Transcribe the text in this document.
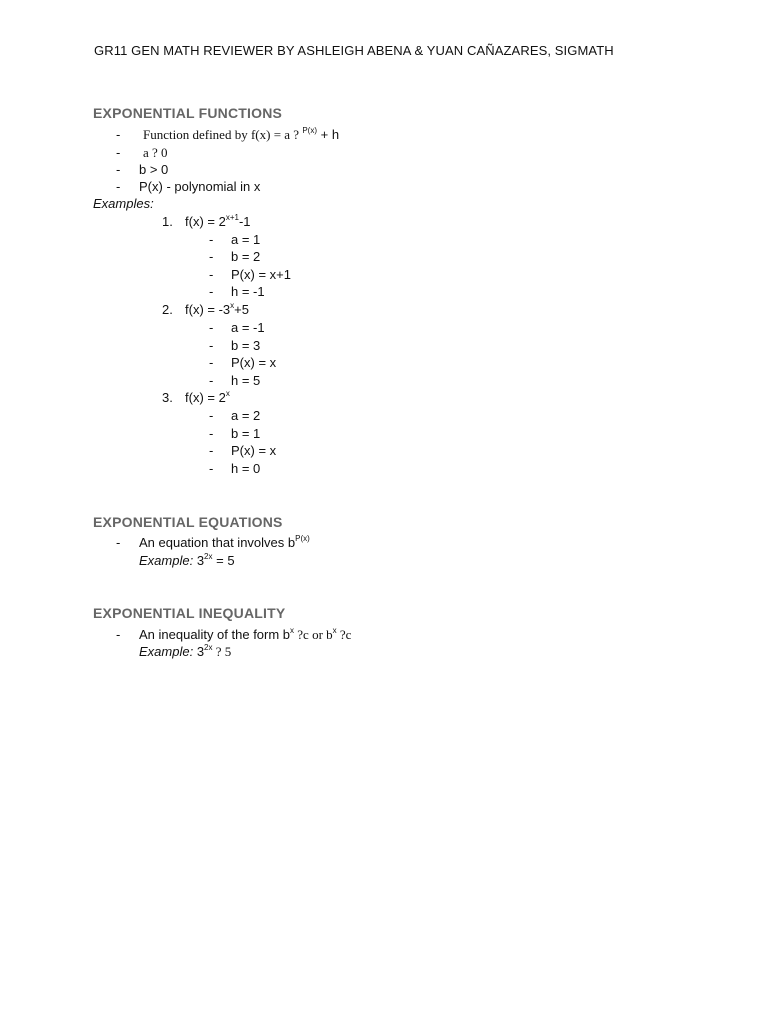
GR11 GEN MATH REVIEWER BY ASHLEIGH ABENA & YUAN CAÑAZARES, SIGMATH
EXPONENTIAL FUNCTIONS
- Function defined by f(x) = a ? $^{P(x)}$ + h
- a ? 0
- b > 0
- P(x) - polynomial in x
Examples:
1. $f(x) = 2^{x+1}-1$
- a = 1
- b = 2
- P(x) = x+1
- h = -1
2. $f(x) = -3^x+5$
- a = -1
- b = 3
- P(x) = x
- h = 5
3. $f(x) = 2^x$
- a = 2
- b = 1
- P(x) = x
- h = 0
EXPONENTIAL EQUATIONS
- An equation that involves $b^{P(x)}$
Example: $3^{2x} = 5$
EXPONENTIAL INEQUALITY
- An inequality of the form $b^x$ ?c or $b^x$ ?c
Example: $3^{2x}$ ? 5
